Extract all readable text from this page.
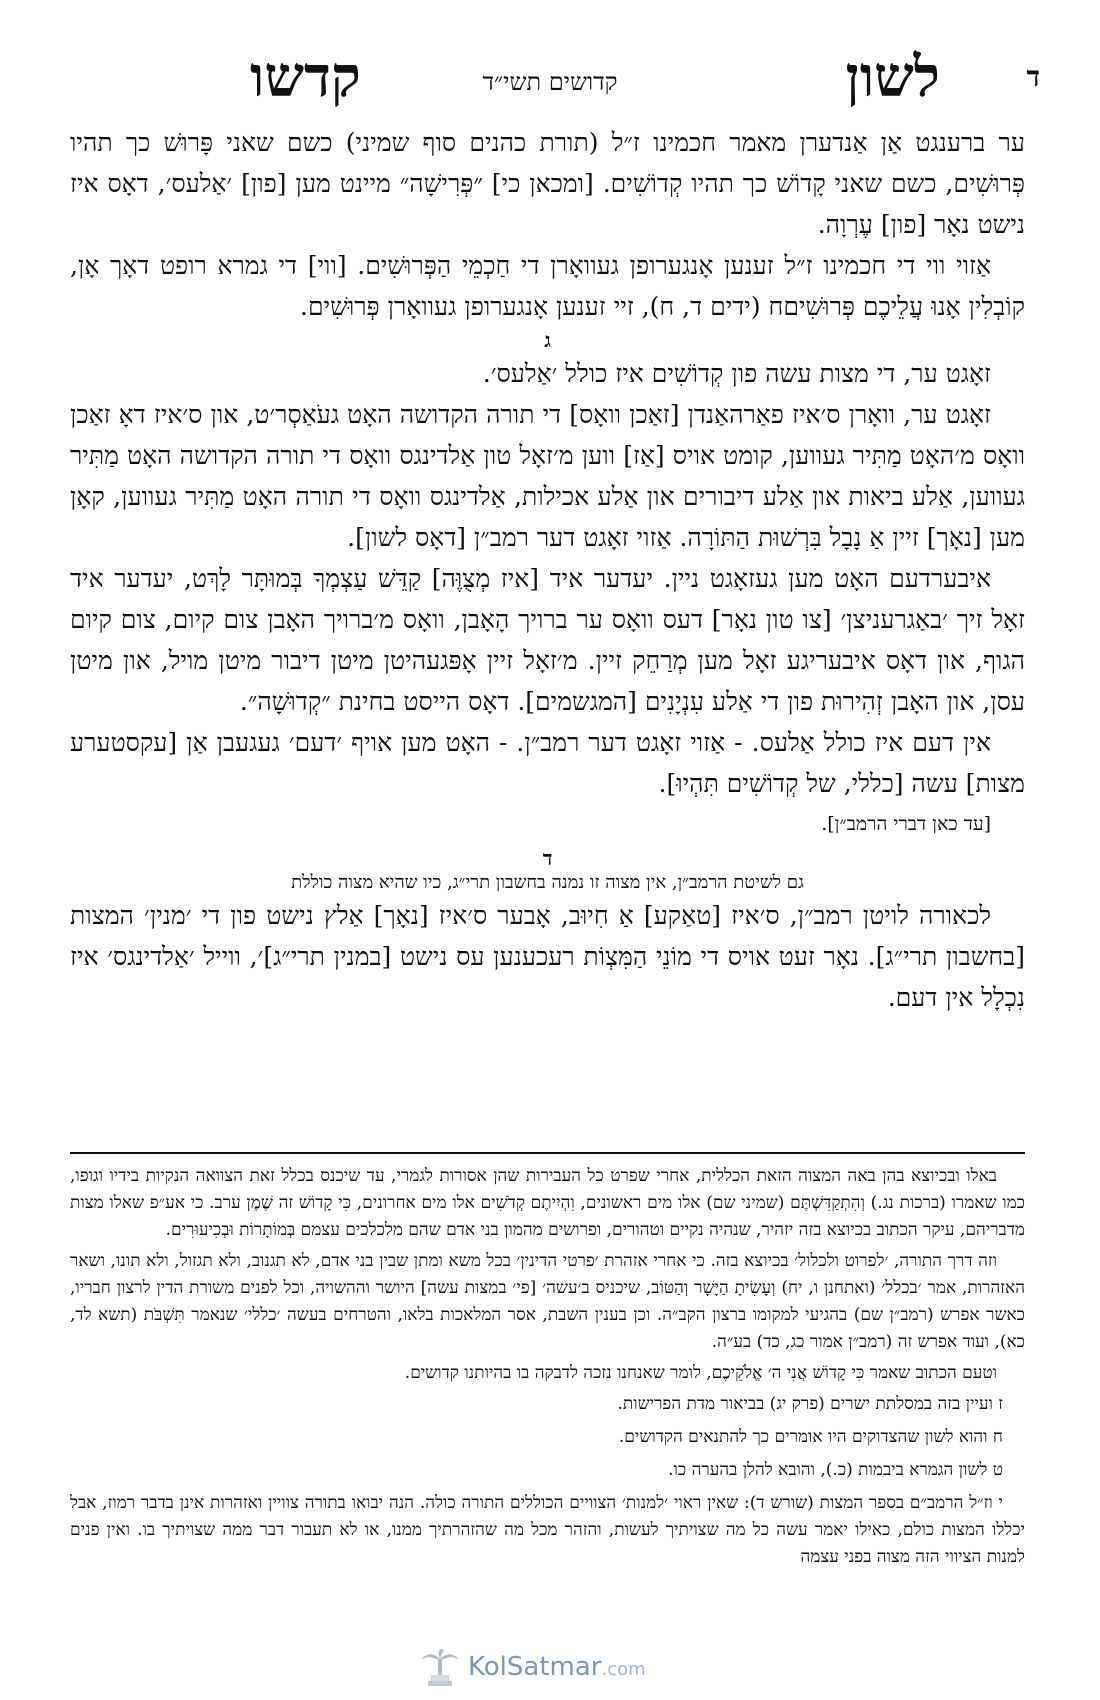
ד
לשון
קדושים תשי״ד
קדשו

ער ברענגט אַן אַנדערן מאמר חכמינו ז״ל (תורת כהנים סוף שמיני) כשם שאני פָּרוּשׁ כך תהיו פְּרוּשִׁים, כשם שאני קָדוֹשׁ כך תהיו קְדוֹשִׁים. [ומכאן כי] ״פְּרִישָׁה״ מיינט מען [פון] ׳אַלעס׳, דאָס איז נישט נאָר [פון] עֶרְוָה.

אַזוי ווי די חכמינו ז״ל זענען אָנגערופן געוואָרן די חַכְמֵי הַפְּרוּשִׁים. [ווי] די גמרא רופט דאָך אָן, קוֹבְלִין אָנוּ עֲלֵיכֶם פְּרוּשִׁיםח (ידים ד, ח), זיי זענען אָנגערופן געוואָרן פְּרוּשִׁים.

ג

זאָגט ער, די מצות עשה פון קְדוֹשִׁים איז כולל ׳אַלעס׳.

זאָגט ער, וואָרן ס׳איז פאַרהאַנדן [זאַכן וואָס] די תורה הקדושה האָט געֹאַסְר׳ט, און ס׳איז דאָ זאַכן וואָס מ׳האָט מַתִּיר געווען, קומט אויס [אַז] ווען מ׳זאָל טון אַלדינגס וואָס די תורה הקדושה האָט מַתִּיר געווען, אַלע ביאות און אַלע דיבורים און אַלע אכילות, אַלדינגס וואָס די תורה האָט מַתִּיר געווען, קאָן מען [נאָך] זיין אַ נָבָל בִּרְשׁוּת הַתּוֹרָה. אַזוי זאָגט דער רמב״ן [דאָס לשון].

איבערדעם האָט מען געזאָגט ניין. יעדער איד [איז מְצֻוֶּה] קַדֵּשׁ עַצְמְךָ בְּמוּתָּר לָךְט, יעדער איד זאָל זיך ׳באַגרעניצן׳ [צו טון נאָר] דעס וואָס ער ברויך הָאָבן, וואָס מ׳ברויך האָבן צום קיום, צום קיום הגוף, און דאָס איבעריגע זאָל מען מְרַחֵק זיין. מ׳זאָל זיין אָפּגעהיטן מיטן דיבור מיטן מויל, און מיטן עסן, און האָבן זְהִירוּת פון די אַלע עִנְיָנִים [המגשמים]. דאָס הייסט בחינת ״קְדוּשָׁה״.

אין דעם איז כולל אַלעס. - אַזוי זאָגט דער רמב״ן. - האָט מען אויף ׳דעם׳ געגעבן אַן [עקסטערע מצות] עשה [כללי, של קְדוֹשִׁים תִּהְיוּ].

[עד כאן דברי הרמב״ן].

ד

גם לשיטת הרמב״ן, אין מצוה זו נמנה בחשבון תרי״ג, כיו שהיא מצוה כוללת

לכאורה לויטן רמב״ן, ס׳איז [טאַקע] אַ חִיוּב, אָבער ס׳איז [נאָך] אַלץ נישט פון די ׳מנין׳ המצות [בחשבון תרי״ג]. נאָר זעט אויס די מוֹנֵי הַמִּצְוֹת רעכענען עס נישט [במנין תרי״ג]׳, ווייל ׳אַלדינגס׳ איז נִכְלָל אין דעם.

באלו ובכיוצא בהן באה המצוה הזאת הכללית, אחרי שפרט כל העבירות שהן אסורות לגמרי, עד שיכנס בכלל זאת הצוואה הנקיות בידיו וגופו, כמו שאמרו (ברכות נג.) וְהִתְקַדִּשְׁתֶּם (שמיני שם) אלו מים ראשונים, וִהְיִיתֶם קְדֹשִׁים אלו מים אחרונים, כִּי קָדוֹשׁ זה שֶׁמֶן ערב. כי אע״פ שאלו מצות מדבריהם, עיקר הכתוב בכיוצא בזה יזהיר, שנהיה נקיים וטהורים, ופרושים מהמון בני אדם שהם מלכלכים עצמם בְּמוֹתָרוֹת וּבְכִיעוּרִים.

וזה דרך התורה, ׳לפרוט ולכלול׳ בכיוצא בזה. כי אחרי אזהרת ׳פרטי הדינין׳ בכל משא ומתן שבין בני אדם, לא תגנוב, ולא תגזול, ולא תונו, ושאר האזהרות, אמר ׳בכלל׳ (ואתחנן ו, יח) וְעָשִׂיתָ הַיָּשָׁר וְהַטּוֹב, שיכניס ב׳עשה׳ [פי׳ במצות עשה] היושר וההשויה, וכל לפנים משורת הדין לרצון חבריו, כאשר אפרש (רמב״ן שם) בהגיעי למקומו ברצון הקב״ה. וכן בענין השבת, אסר המלאכות בלאו, והטרחים בעשה ׳כללי׳ שנאמר תִּשְׁבֹּת (תשא לד, כא), ועוד אפרש זה (רמב״ן אמור כג, כד) בע״ה.

וטעם הכתוב שאמר כִּי קָדוֹשׁ אֲנִי ה׳ אֱלֹקֵיכֶם, לומר שאנחנו נזכה לדבקה בו בהיותנו קדושים.

ז ועיין בזה במסלתת ישרים (פרק יג) בביאור מדת הפרישות.

ח והוא לשון שהצדוקים היו אומרים כך להתנאים הקדושים.

ט לשון הגמרא ביבמות (כ.), והובא להלן בהערה כו.

י וז״ל הרמב״ם בספר המצות (שורש ד): שאין ראוי ׳למנות׳ הצוויים הכוללים התורה כולה. הנה יבואו בתורה צוויין ואזהרות אינן בדבר רמוז, אבל יכללו המצות כולם, כאילו יאמר עשה כל מה שצויתיך לעשות, והזהר מכל מה שהזהרתיך ממנו, או לא תעבור דבר ממה שצויתיך בו. ואין פנים למנות הציווי הזה מצוה בפני עצמה

KolSatmar.com
